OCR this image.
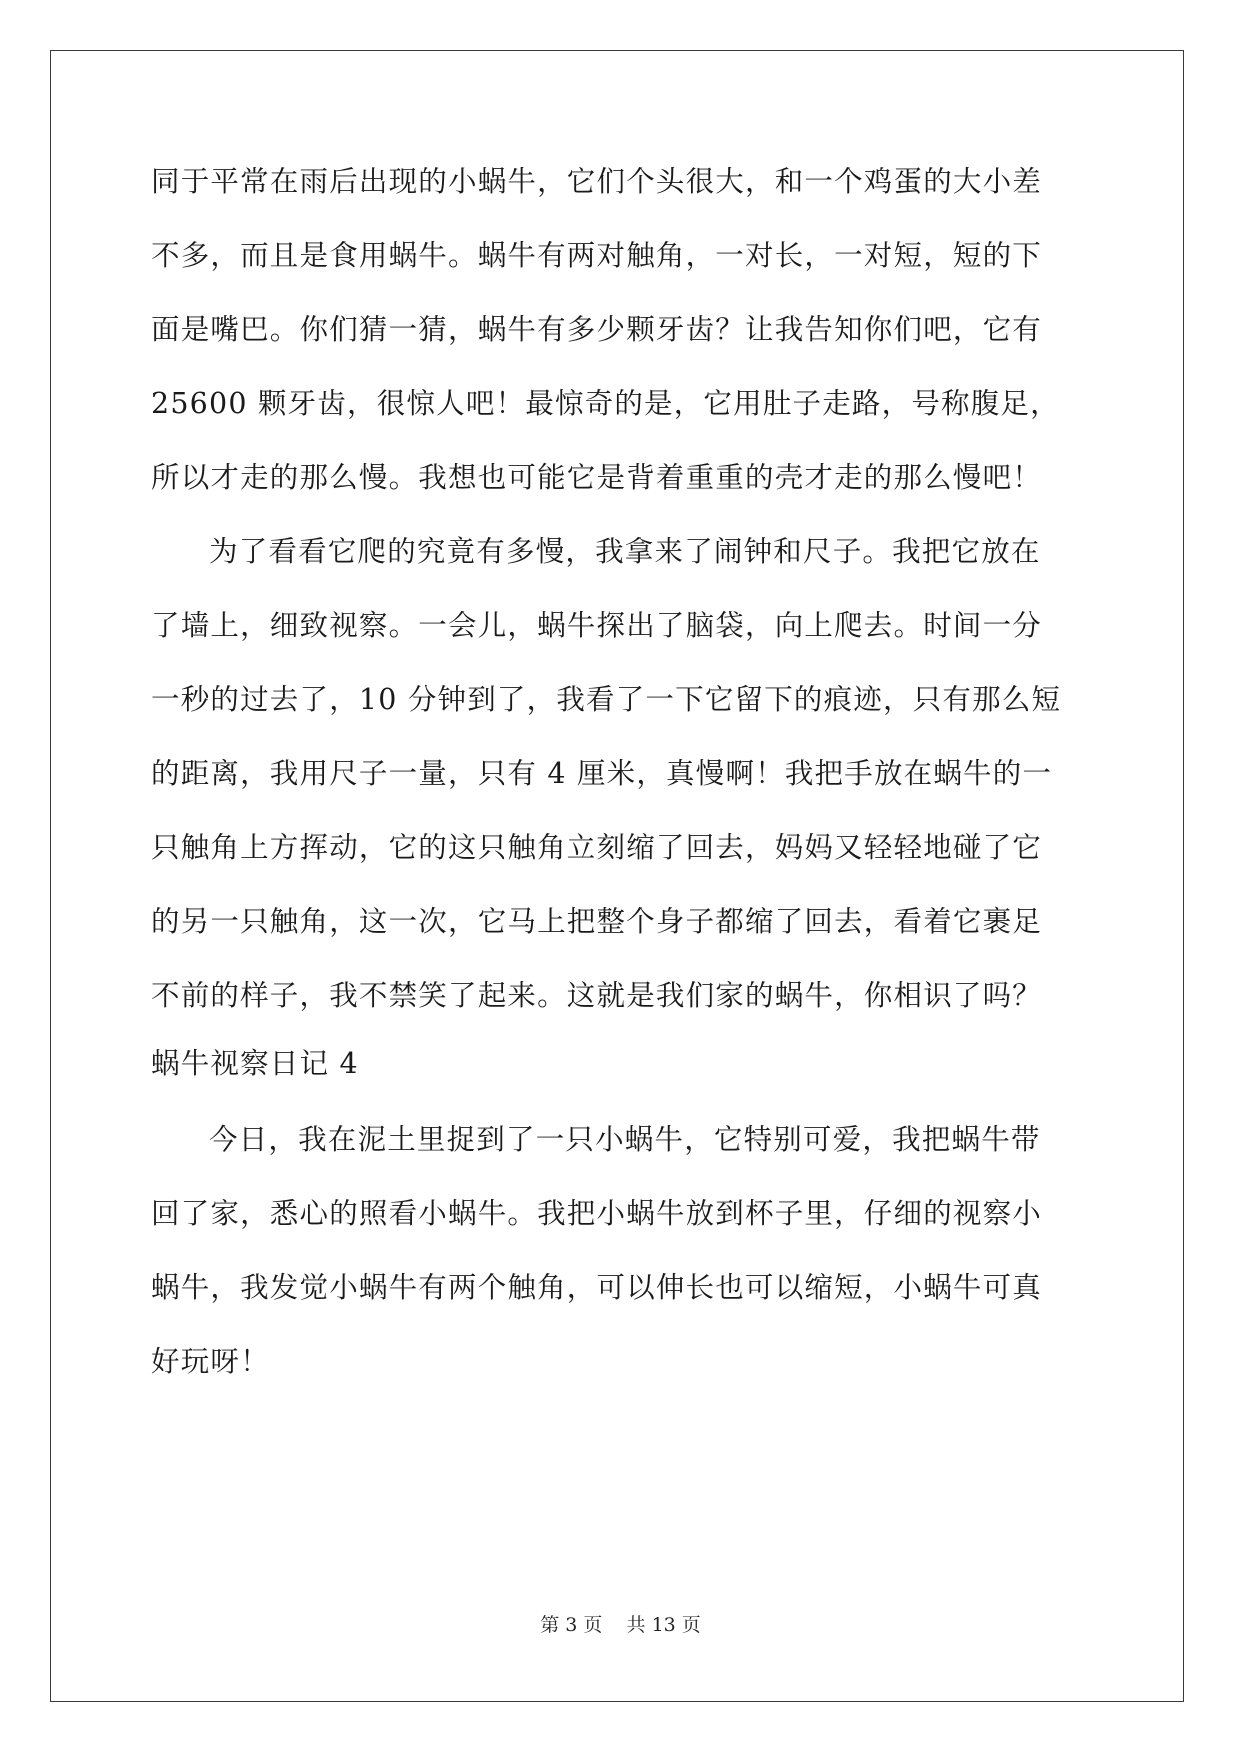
同于平常在雨后出现的小蜗牛，它们个头很大，和一个鸡蛋的大小差
不多，而且是食用蜗牛。蜗牛有两对触角，一对长，一对短，短的下
面是嘴巴。你们猜一猜，蜗牛有多少颗牙齿？让我告知你们吧，它有
25600 颗牙齿，很惊人吧！最惊奇的是，它用肚子走路，号称腹足，
所以才走的那么慢。我想也可能它是背着重重的壳才走的那么慢吧！
为了看看它爬的究竟有多慢，我拿来了闹钟和尺子。我把它放在
了墙上，细致视察。一会儿，蜗牛探出了脑袋，向上爬去。时间一分
一秒的过去了，10 分钟到了，我看了一下它留下的痕迹，只有那么短
的距离，我用尺子一量，只有 4 厘米，真慢啊！我把手放在蜗牛的一
只触角上方挥动，它的这只触角立刻缩了回去，妈妈又轻轻地碰了它
的另一只触角，这一次，它马上把整个身子都缩了回去，看着它裹足
不前的样子，我不禁笑了起来。这就是我们家的蜗牛，你相识了吗？
蜗牛视察日记 4
今日，我在泥土里捉到了一只小蜗牛，它特别可爱，我把蜗牛带
回了家，悉心的照看小蜗牛。我把小蜗牛放到杯子里，仔细的视察小
蜗牛，我发觉小蜗牛有两个触角，可以伸长也可以缩短，小蜗牛可真
好玩呀！
第 3 页 共 13 页
